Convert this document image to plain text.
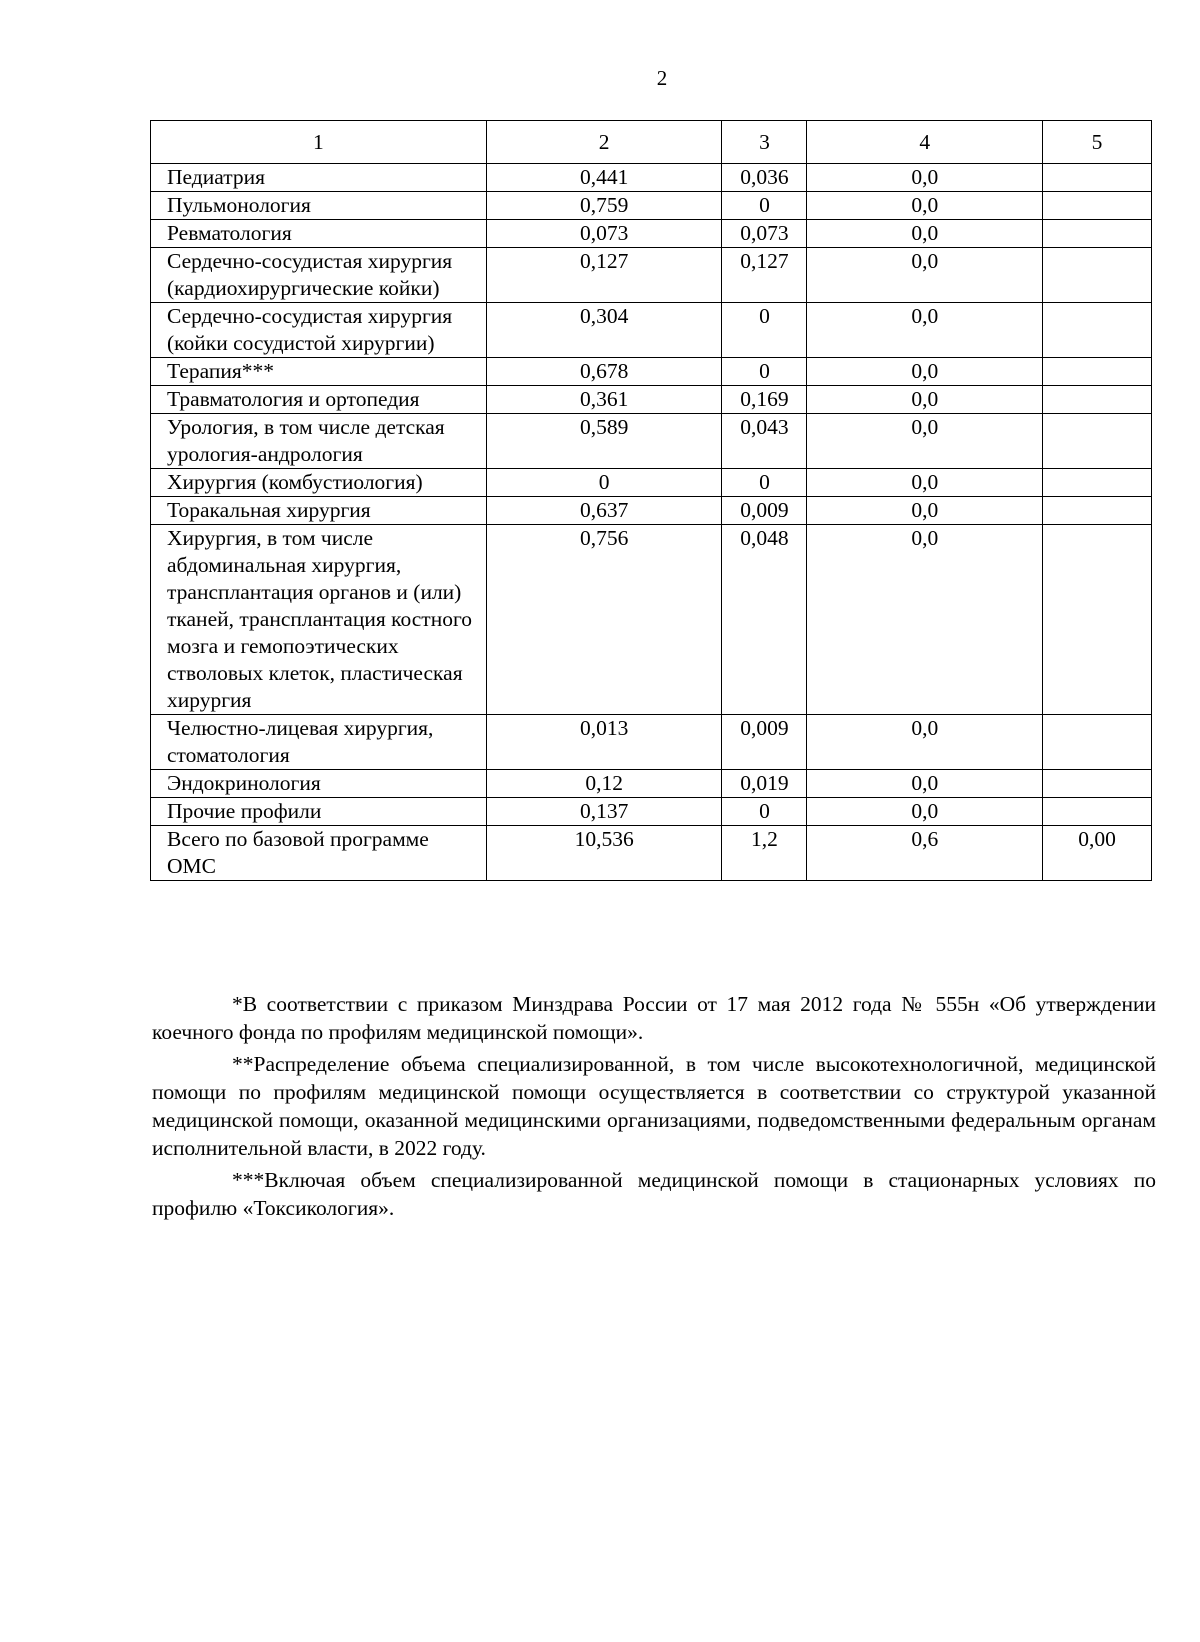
2
1	2	3	4	5
Педиатрия	0,441	0,036	0,0	
Пульмонология	0,759	0	0,0	
Ревматология	0,073	0,073	0,0	
Сердечно-сосудистая хирургия (кардиохирургические койки)	0,127	0,127	0,0	
Сердечно-сосудистая хирургия (койки сосудистой хирургии)	0,304	0	0,0	
Терапия***	0,678	0	0,0	
Травматология и ортопедия	0,361	0,169	0,0	
Урология, в том числе детская урология-андрология	0,589	0,043	0,0	
Хирургия (комбустиология)	0	0	0,0	
Торакальная хирургия	0,637	0,009	0,0	
Хирургия, в том числе абдоминальная хирургия, трансплантация органов и (или) тканей, трансплантация костного мозга и гемопоэтических стволовых клеток, пластическая хирургия	0,756	0,048	0,0	
Челюстно-лицевая хирургия, стоматология	0,013	0,009	0,0	
Эндокринология	0,12	0,019	0,0	
Прочие профили	0,137	0	0,0	
Всего по базовой программе ОМС	10,536	1,2	0,6	0,00

*В соответствии с приказом Минздрава России от 17 мая 2012 года № 555н «Об утверждении коечного фонда по профилям медицинской помощи».

**Распределение объема специализированной, в том числе высокотехнологичной, медицинской помощи по профилям медицинской помощи осуществляется в соответствии со структурой указанной медицинской помощи, оказанной медицинскими организациями, подведомственными федеральным органам исполнительной власти, в 2022 году.

***Включая объем специализированной медицинской помощи в стационарных условиях по профилю «Токсикология».
